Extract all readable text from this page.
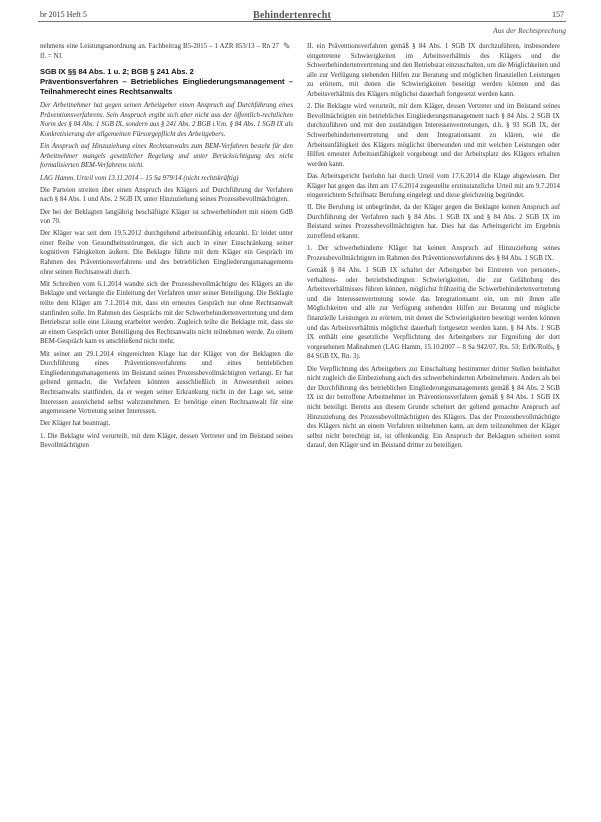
br 2015 Heft 5	Behindertenrecht	157
Aus der Rechtsprechung
nehmens eine Leistungsanordnung an. Fachbeitrag B5-2015 – 1 AZR 853/13 – Rn 27 ff. = NJ.
✎
SGB IX §§ 84 Abs. 1 u. 2; BGB § 241 Abs. 2
Präventionsverfahren – Betriebliches Eingliederungsmanagement – Teilnahmerecht eines Rechtsanwalts

Der Arbeitnehmer hat gegen seinen Arbeitgeber einen Anspruch auf Durchführung eines Präventionsverfahrens. Sein Anspruch ergibt sich aber nicht aus der öffentlich-rechtlichen Norm des § 84 Abs. 1 SGB IX, sondern aus § 241 Abs. 2 BGB i.V.m. § 84 Abs. 1 SGB IX als Konkretisierung der allgemeinen Fürsorgepflicht des Arbeitgebers.

Ein Anspruch auf Hinzuziehung eines Rechtsanwalts zum BEM-Verfahren besteht für den Arbeitnehmer mangels gesetzlicher Regelung und unter Berücksichtigung des nicht formalisierten BEM-Verfahrens nicht.

LAG Hamm, Urteil vom 13.11.2014 – 15 Sa 979/14 (nicht rechtskräftig)

Die Parteien streiten über einen Anspruch des Klägers auf Durchführung der Verfahren nach § 84 Abs. 1 und Abs. 2 SGB IX unter Hinzuziehung seines Prozessbevollmächtigten.

Der bei der Beklagten langjährig beschäftigte Kläger ist schwerbehindert mit einem GdB von 70.

Der Kläger war seit dem 19.5.2012 durchgehend arbeitsunfähig erkrankt. Er leidet unter einer Reihe von Gesundheitsstörungen, die sich auch in einer Einschränkung seiner kognitiven Fähigkeiten äußern. Die Beklagte führte mit dem Kläger ein Gespräch im Rahmen des Präventionsverfahrens und des betrieblichen Eingliederungsmanagements ohne seinen Rechtsanwalt durch.

Mit Schreiben vom 6.1.2014 wandte sich der Prozessbevollmächtigte des Klägers an die Beklagte und verlangte die Einleitung der Verfahren unter seiner Beteiligung. Die Beklagte teilte dem Kläger am 7.1.2014 mit, dass ein erneutes Gespräch nur ohne Rechtsanwalt stattfinden solle. Im Rahmen des Gesprächs mit der Schwerbehindertenvertretung und dem Betriebsrat solle eine Lösung erarbeitet werden. Zugleich teilte die Beklagte mit, dass sie an einem Gespräch unter Beteiligung des Rechtsanwalts nicht teilnehmen werde. Zu einem BEM-Gespräch kam es anschließend nicht mehr.

Mit seiner am 29.1.2014 eingereichten Klage hat der Kläger von der Beklagten die Durchführung eines Präventionsverfahrens und eines betrieblichen Eingliederungsmanagements im Beistand seines Prozessbevollmächtigten verlangt. Er hat geltend gemacht, die Verfahren könnten ausschließlich in Anwesenheit seines Rechtsanwalts stattfinden, da er wegen seiner Erkrankung nicht in der Lage sei, seine Interessen ausreichend selbst wahrzunehmen. Er benötige einen Rechtsanwalt für eine angemessene Vertretung seiner Interessen.

Der Kläger hat beantragt,

1. Die Beklagte wird verurteilt, mit dem Kläger, dessen Vertreter und im Beistand seines Bevollmächtigten

II. ein Präventionsverfahren gemäß § 84 Abs. 1 SGB IX durchzuführen, insbesondere eingetretene Schwierigkeiten im Arbeitsverhältnis des Klägers und die Schwerbehindertenvertretung und den Betriebsrat einzuschalten, um die Möglichkeiten und alle zur Verfügung stehenden Hilfen zur Beratung und möglichen finanziellen Leistungen zu erörtern, mit denen die Schwierigkeiten beseitigt werden können und das Arbeitsverhältnis des Klägers möglichst dauerhaft fortgesetzt werden kann.

2. Die Beklagte wird verurteilt, mit dem Kläger, dessen Vertreter und im Beistand seines Bevollmächtigten ein betriebliches Eingliederungsmanagement nach § 84 Abs. 2 SGB IX durchzuführen und mit den zuständigen Interessenvertretungen, d.h. § 93 SGB IX, der Schwerbehindertenvertretung und dem Integrationsamt zu klären, wie die Arbeitsunfähigkeit des Klägers möglichst überwunden und mit welchen Leistungen oder Hilfen erneuter Arbeitsunfähigkeit vorgebeugt und der Arbeitsplatz des Klägers erhalten werden kann.

Das Arbeitsgericht Iserlohn hat durch Urteil vom 17.6.2014 die Klage abgewiesen. Der Kläger hat gegen das ihm am 17.6.2014 zugestellte erstinstanzliche Urteil mit am 9.7.2014 eingereichtem Schriftsatz Berufung eingelegt und diese gleichzeitig begründet.

II. Die Berufung ist unbegründet, da der Kläger gegen die Beklagte keinen Anspruch auf Durchführung der Verfahren nach § 84 Abs. 1 SGB IX und § 84 Abs. 2 SGB IX im Beistand seines Prozessbevollmächtigten hat. Dies hat das Arbeitsgericht im Ergebnis zutreffend erkannt.

1. Der schwerbehinderte Kläger hat keinen Anspruch auf Hinzuziehung seines Prozessbevollmächtigten im Rahmen des Präventionsverfahrens des § 84 Abs. 1 SGB IX.

Gemäß § 84 Abs. 1 SGB IX schaltet der Arbeitgeber bei Eintreten von personen-, verhaltens- oder betriebsbedingten Schwierigkeiten, die zur Gefährdung des Arbeitsverhältnisses führen können, möglichst frühzeitig die Schwerbehindertenvertretung und die Interessenvertretung sowie das Integrationsamt ein, um mit ihnen alle Möglichkeiten und alle zur Verfügung stehenden Hilfen zur Beratung und mögliche finanzielle Leistungen zu erörtern, mit denen die Schwierigkeiten beseitigt werden können und das Arbeitsverhältnis möglichst dauerhaft fortgesetzt werden kann. § 84 Abs. 1 SGB IX enthält eine gesetzliche Verpflichtung des Arbeitgebers zur Ergreifung der dort vorgesehenen Maßnahmen (LAG Hamm, 15.10.2007 – 8 Sa 942/07, Rn. 53; ErfK/Rolfs, § 84 SGB IX, Rn. 3).

Die Verpflichtung des Arbeitgebers zur Einschaltung bestimmter dritter Stellen beinhaltet nicht zugleich die Einbeziehung auch des schwerbehinderten Arbeitnehmers. Anders als bei der Durchführung des betrieblichen Eingliederungsmanagements gemäß § 84 Abs. 2 SGB IX ist der betroffene Arbeitnehmer im Präventionsverfahren gemäß § 84 Abs. 1 SGB IX nicht beteiligt. Bereits aus diesem Grunde scheitert der geltend gemachte Anspruch auf Hinzuziehung des Prozessbevollmächtigten des Klägers. Das der Prozessbevollmächtigte des Klägers nicht an einem Verfahren teilnehmen kann, an dem teilzunehmen der Kläger selbst nicht berechtigt ist, ist offenkundig. Ein Anspruch der Beklagten scheitert somit darauf, den Kläger und im Beistand dritter zu beteiligen.
